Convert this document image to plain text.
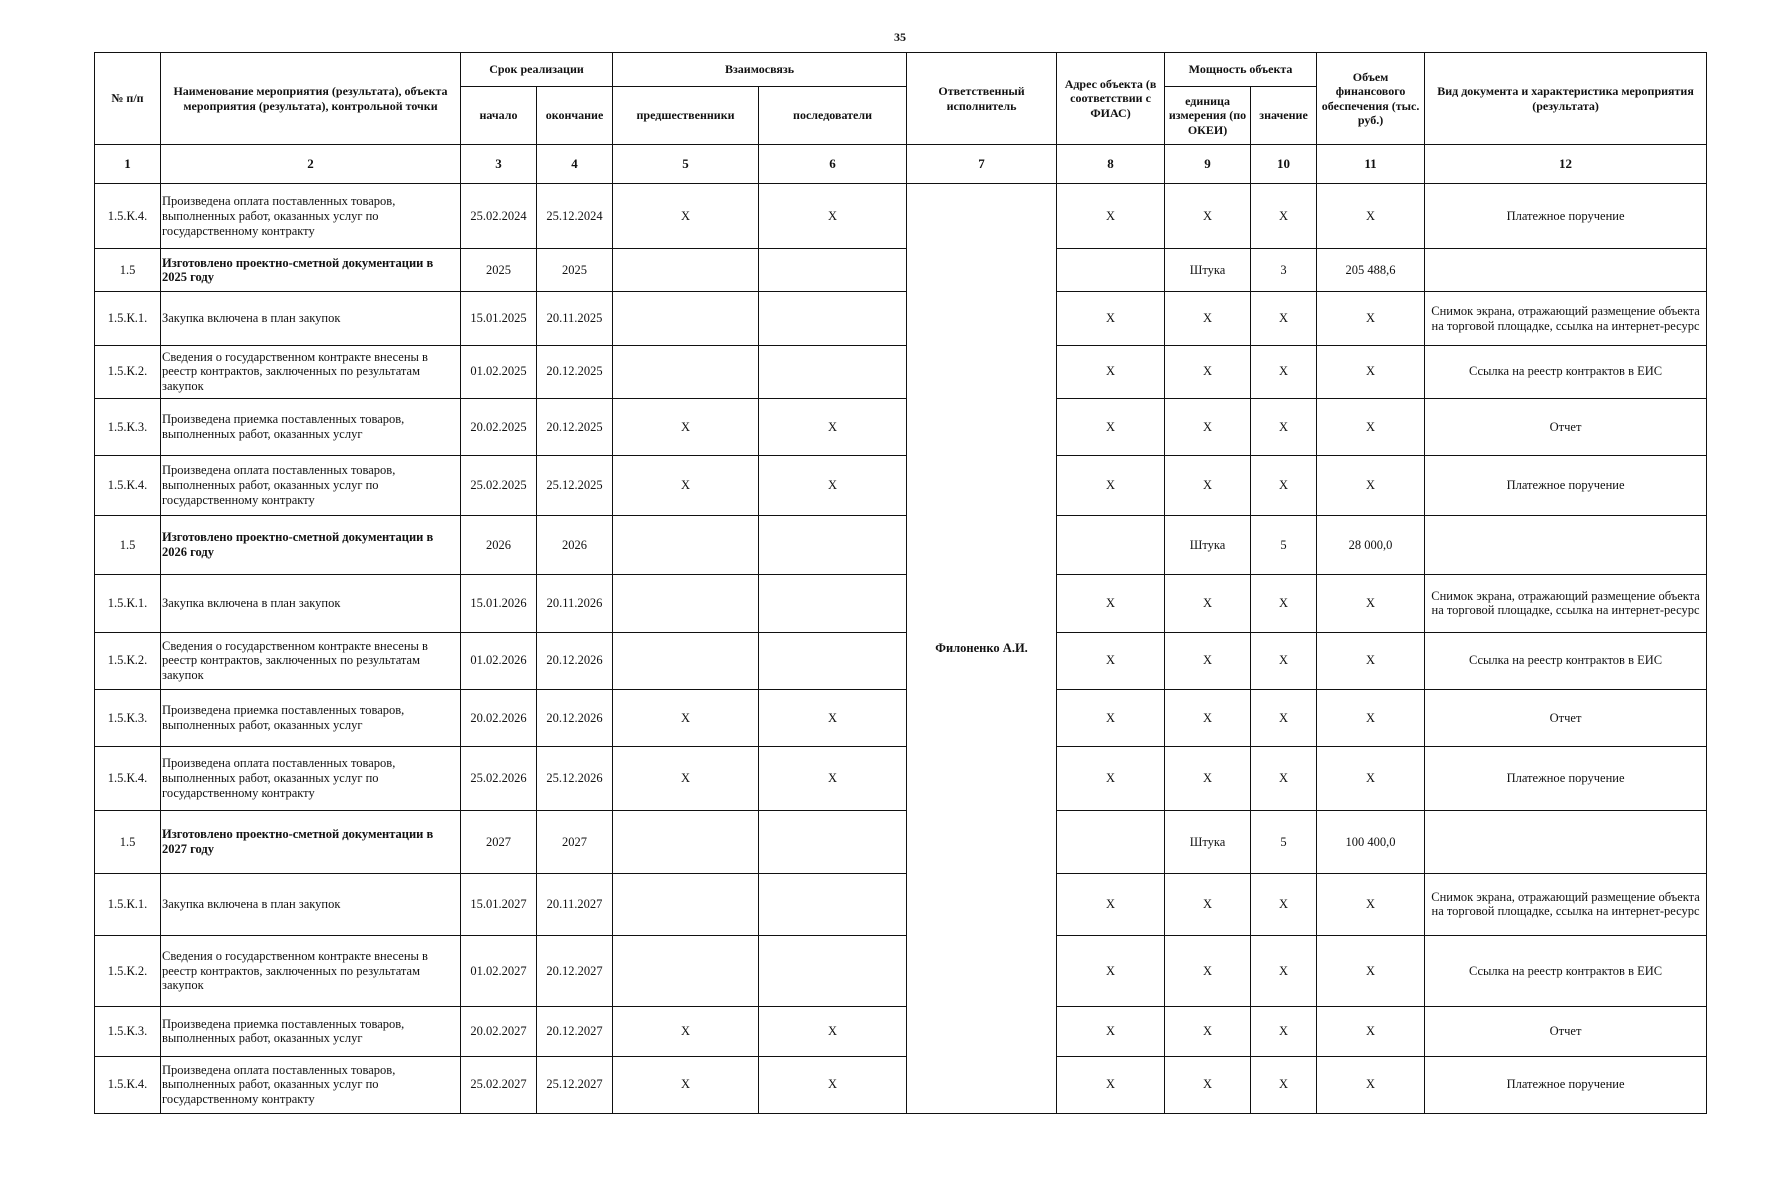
35
№ п/п	Наименование мероприятия (результата), объекта мероприятия (результата), контрольной точки	Срок реализации		Взаимосвязь		Ответственный исполнитель	Адрес объекта (в соответствии с ФИАС)	Мощность объекта		Объем финансового обеспечения (тыс. руб.)	Вид документа и характеристика мероприятия (результата)
		начало	окончание	предшественники	последователи			единица измерения (по ОКЕИ)	значение		
1	2	3	4	5	6	7	8	9	10	11	12
1.5.К.4.	Произведена оплата поставленных товаров, выполненных работ, оказанных услуг по государственному контракту	25.02.2024	25.12.2024	X	X	Филоненко А.И.	X	X	X	X	Платежное поручение
1.5	Изготовлено проектно-сметной документации в 2025 году	2025	2025					Штука	3	205 488,6	
1.5.К.1.	Закупка включена в план закупок	15.01.2025	20.11.2025				X	X	X	X	Снимок экрана, отражающий размещение объекта на торговой площадке, ссылка на интернет-ресурс
1.5.К.2.	Сведения о государственном контракте внесены в реестр контрактов, заключенных по результатам закупок	01.02.2025	20.12.2025				X	X	X	X	Ссылка на реестр контрактов в ЕИС
1.5.К.3.	Произведена приемка поставленных товаров, выполненных работ, оказанных услуг	20.02.2025	20.12.2025	X	X		X	X	X	X	Отчет
1.5.К.4.	Произведена оплата поставленных товаров, выполненных работ, оказанных услуг по государственному контракту	25.02.2025	25.12.2025	X	X		X	X	X	X	Платежное поручение
1.5	Изготовлено проектно-сметной документации в 2026 году	2026	2026					Штука	5	28 000,0	
1.5.К.1.	Закупка включена в план закупок	15.01.2026	20.11.2026				X	X	X	X	Снимок экрана, отражающий размещение объекта на торговой площадке, ссылка на интернет-ресурс
1.5.К.2.	Сведения о государственном контракте внесены в реестр контрактов, заключенных по результатам закупок	01.02.2026	20.12.2026				X	X	X	X	Ссылка на реестр контрактов в ЕИС
1.5.К.3.	Произведена приемка поставленных товаров, выполненных работ, оказанных услуг	20.02.2026	20.12.2026	X	X		X	X	X	X	Отчет
1.5.К.4.	Произведена оплата поставленных товаров, выполненных работ, оказанных услуг по государственному контракту	25.02.2026	25.12.2026	X	X		X	X	X	X	Платежное поручение
1.5	Изготовлено проектно-сметной документации в 2027 году	2027	2027					Штука	5	100 400,0	
1.5.К.1.	Закупка включена в план закупок	15.01.2027	20.11.2027				X	X	X	X	Снимок экрана, отражающий размещение объекта на торговой площадке, ссылка на интернет-ресурс
1.5.К.2.	Сведения о государственном контракте внесены в реестр контрактов, заключенных по результатам закупок	01.02.2027	20.12.2027				X	X	X	X	Ссылка на реестр контрактов в ЕИС
1.5.К.3.	Произведена приемка поставленных товаров, выполненных работ, оказанных услуг	20.02.2027	20.12.2027	X	X		X	X	X	X	Отчет
1.5.К.4.	Произведена оплата поставленных товаров, выполненных работ, оказанных услуг по государственному контракту	25.02.2027	25.12.2027	X	X		X	X	X	X	Платежное поручение
